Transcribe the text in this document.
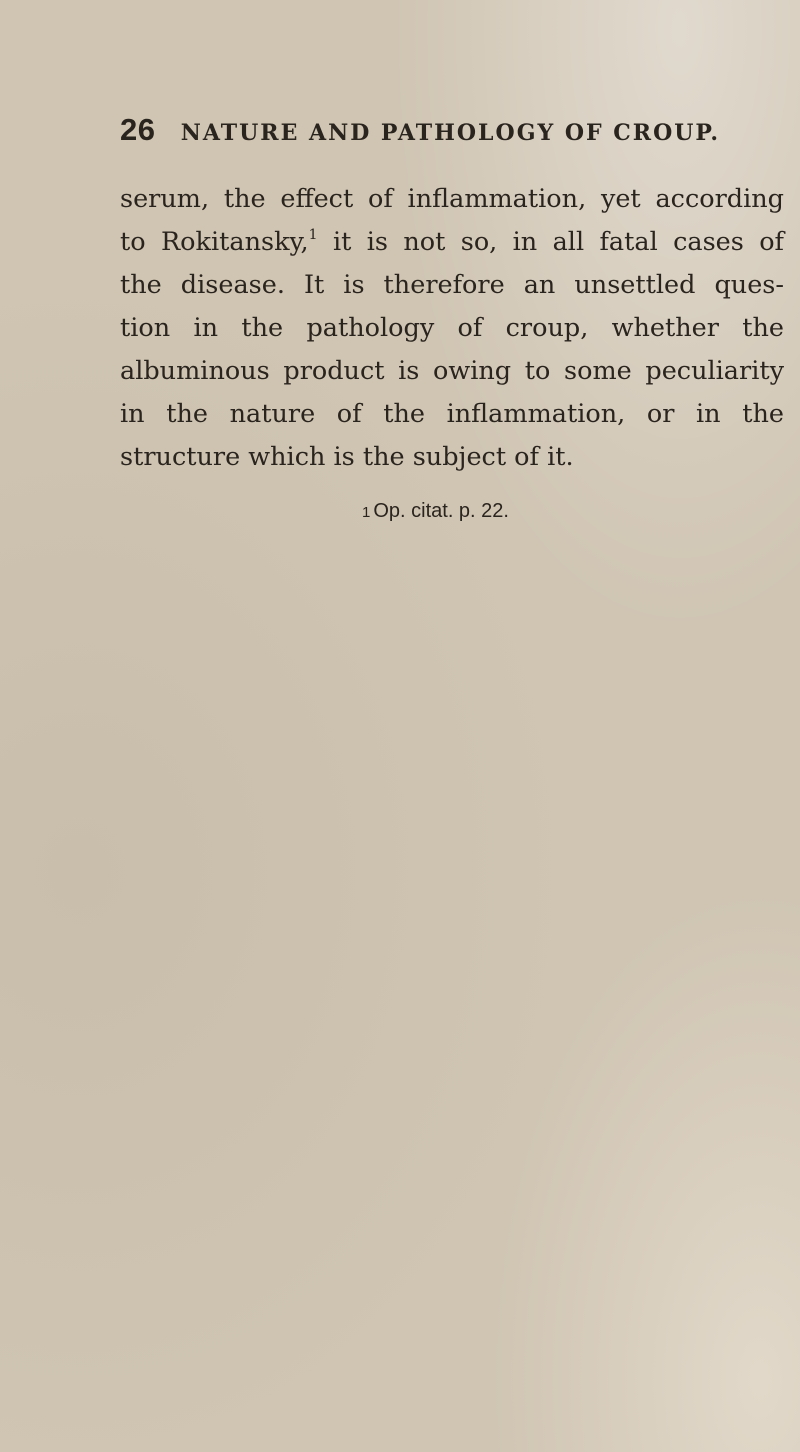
26	NATURE AND PATHOLOGY OF CROUP.
serum, the effect of inflammation, yet according
to Rokitansky,$^1$ it is not so, in all fatal cases of
the disease. It is therefore an unsettled ques-
tion in the pathology of croup, whether the
albuminous product is owing to some peculiarity
in the nature of the inflammation, or in the
structure which is the subject of it.
1 Op. citat. p. 22.
